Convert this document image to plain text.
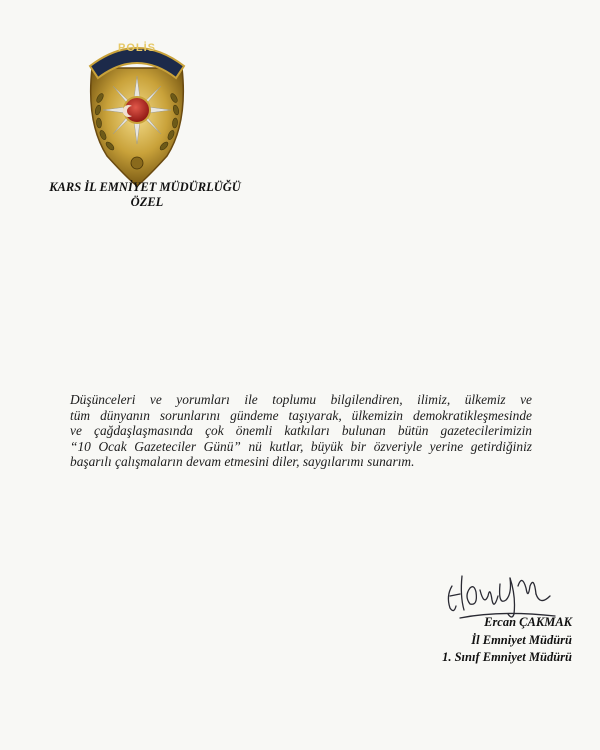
POLİS
KARS İL EMNİYET MÜDÜRLÜĞÜ
ÖZEL

Düşünceleri ve yorumları ile toplumu bilgilendiren, ilimiz, ülkemiz ve
tüm dünyanın sorunlarını gündeme taşıyarak, ülkemizin demokratikleşmesinde
ve çağdaşlaşmasında çok önemli katkıları bulunan bütün gazetecilerimizin
“10 Ocak Gazeteciler Günü” nü kutlar, büyük bir özveriyle yerine getirdiğiniz
başarılı çalışmaların devam etmesini diler, saygılarımı sunarım.

Ercan ÇAKMAK
İl Emniyet Müdürü
1. Sınıf Emniyet Müdürü
